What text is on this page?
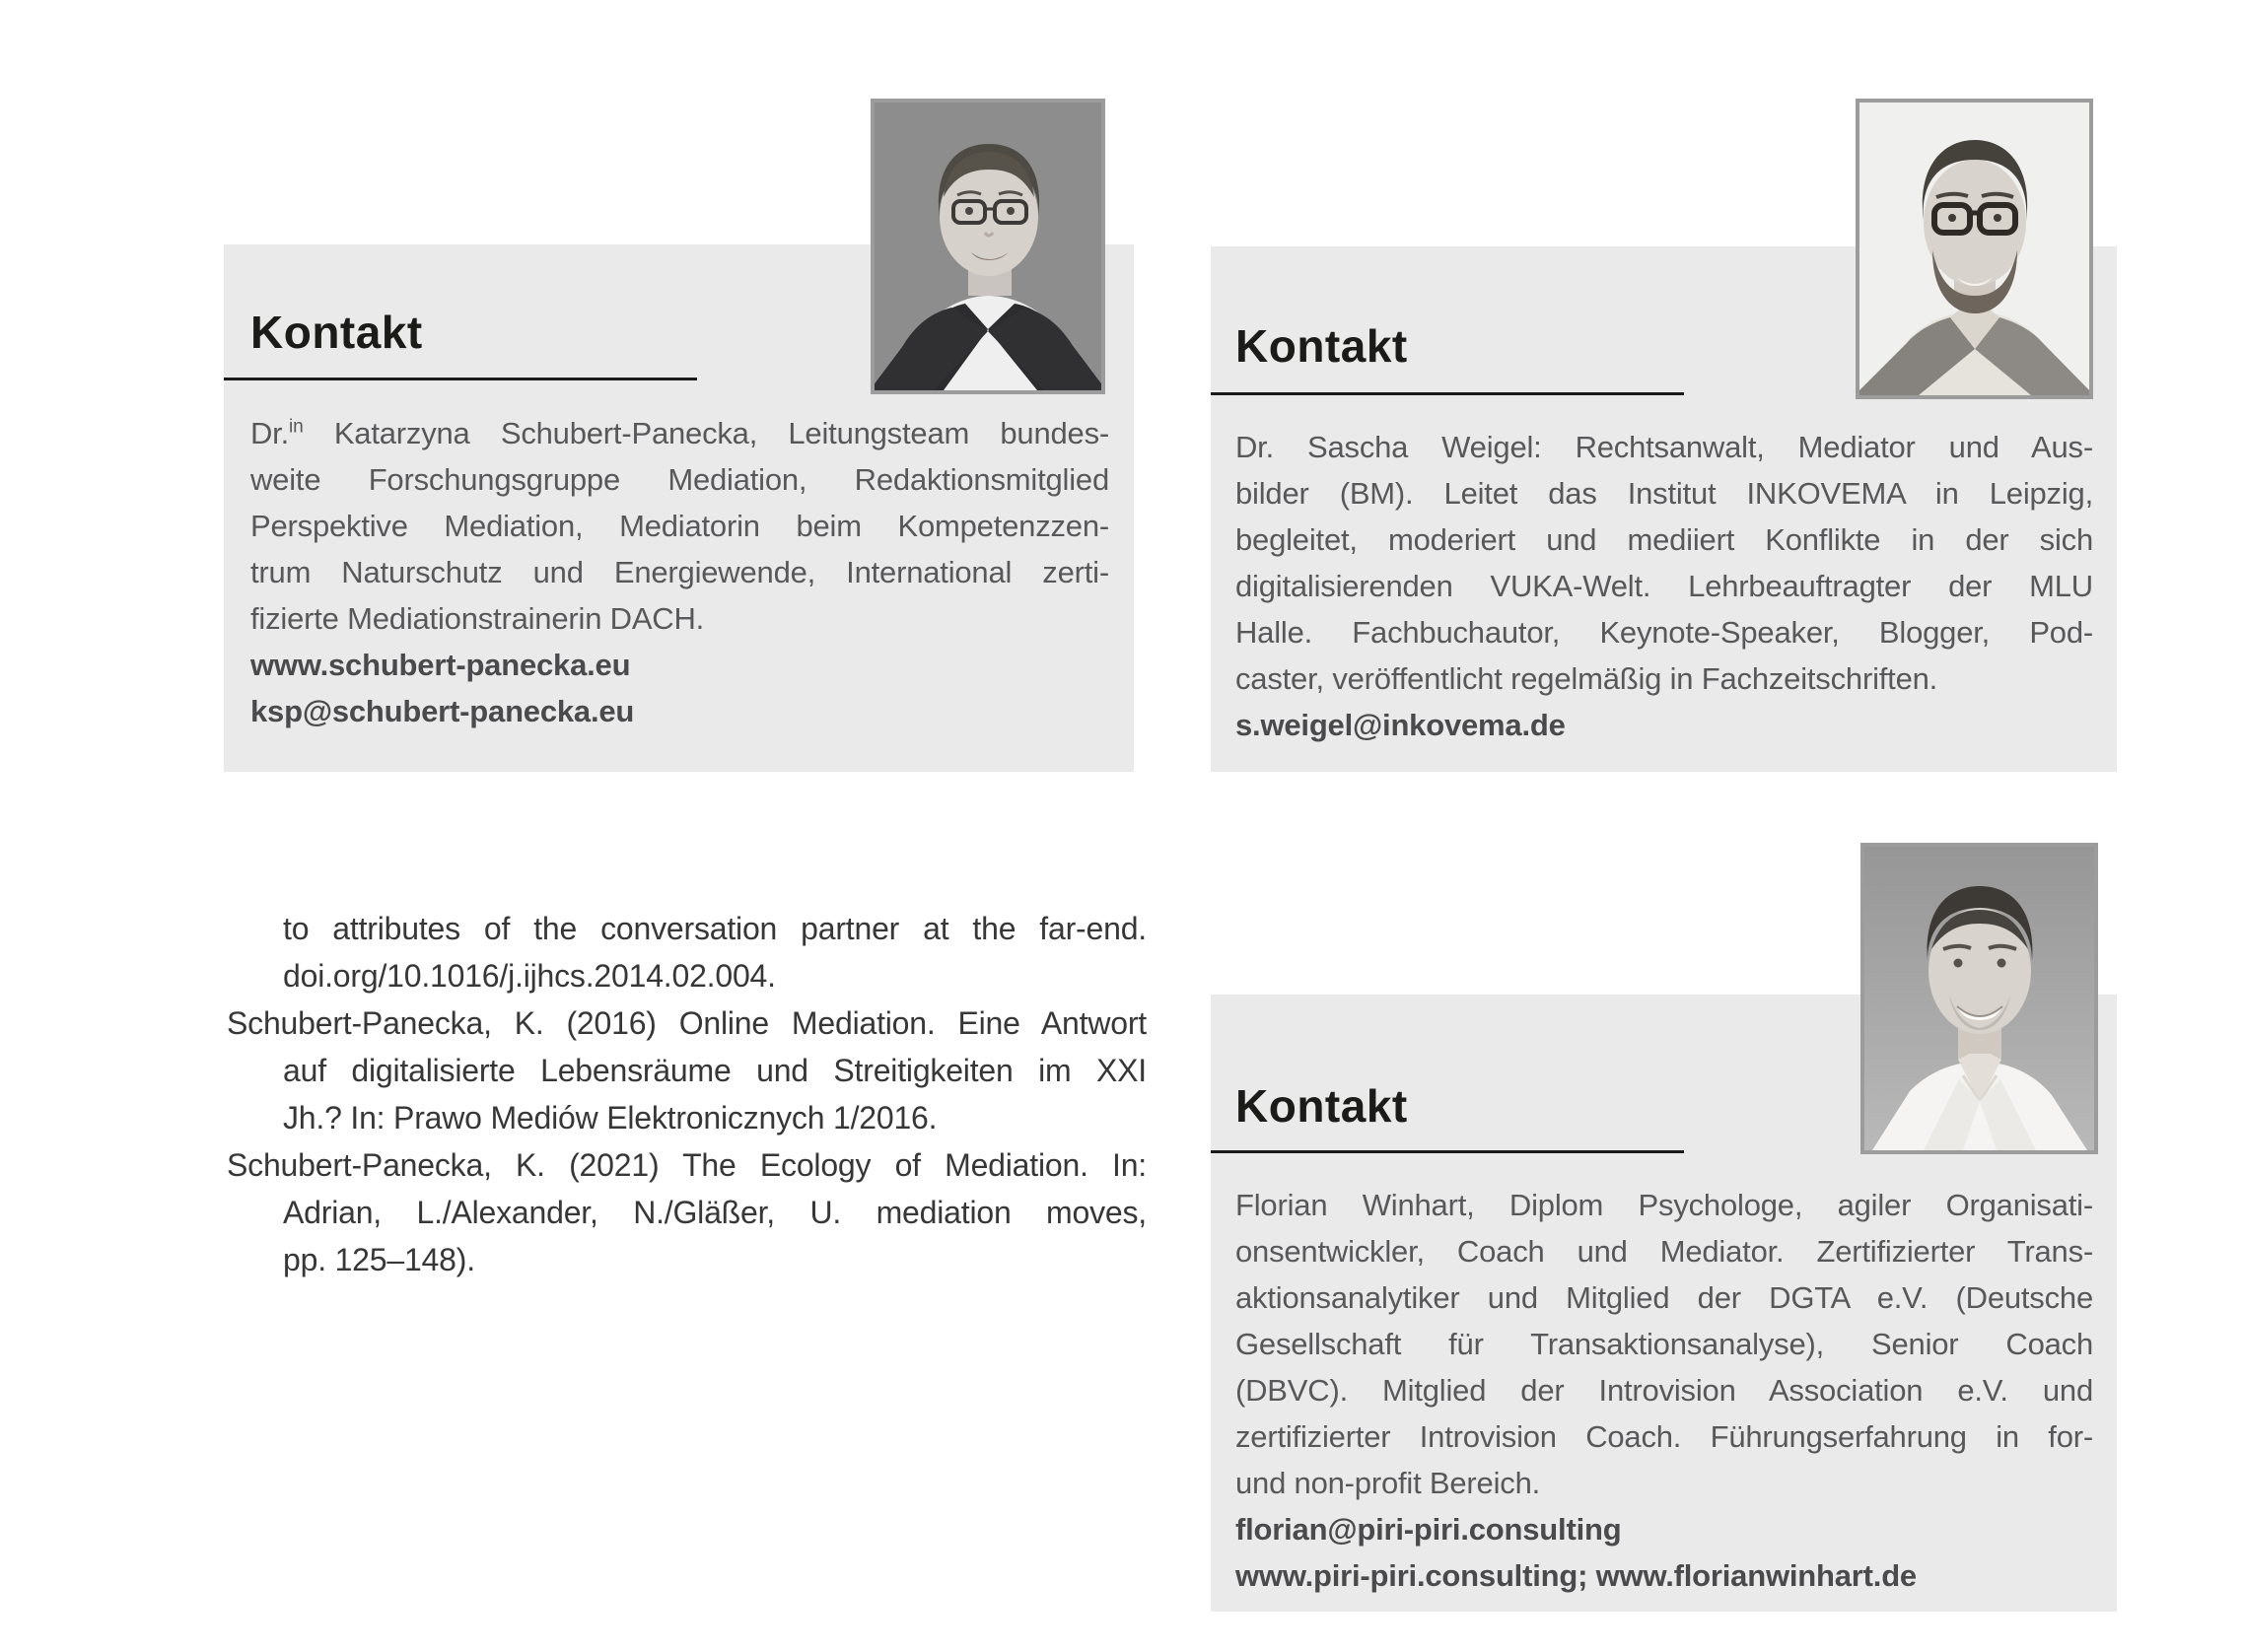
Kontakt
Dr.$^{in}$ Katarzyna Schubert-Panecka, Leitungsteam bundes-
weite Forschungsgruppe Mediation, Redaktionsmitglied
Perspektive Mediation, Mediatorin beim Kompetenzzen-
trum Naturschutz und Energiewende, International zerti-
fizierte Mediationstrainerin DACH.
www.schubert-panecka.eu
ksp@schubert-panecka.eu
Kontakt
Dr. Sascha Weigel: Rechtsanwalt, Mediator und Aus-
bilder (BM). Leitet das Institut INKOVEMA in Leipzig,
begleitet, moderiert und mediiert Konflikte in der sich
digitalisierenden VUKA-Welt. Lehrbeauftragter der MLU
Halle. Fachbuchautor, Keynote-Speaker, Blogger, Pod-
caster, veröffentlicht regelmäßig in Fachzeitschriften.
s.weigel@inkovema.de
Kontakt
Florian Winhart, Diplom Psychologe, agiler Organisati-
onsentwickler, Coach und Mediator. Zertifizierter Trans-
aktionsanalytiker und Mitglied der DGTA e.V. (Deutsche
Gesellschaft für Transaktionsanalyse), Senior Coach
(DBVC). Mitglied der Introvision Association e.V. und
zertifizierter Introvision Coach. Führungserfahrung in for-
und non-profit Bereich.
florian@piri-piri.consulting
www.piri-piri.consulting; www.florianwinhart.de
to attributes of the conversation partner at the far-end.
doi.org/10.1016/j.ijhcs.2014.02.004.
Schubert-Panecka, K. (2016) Online Mediation. Eine Antwort
auf digitalisierte Lebensräume und Streitigkeiten im XXI
Jh.? In: Prawo Mediów Elektronicznych 1/2016.
Schubert-Panecka, K. (2021) The Ecology of Mediation. In:
Adrian, L./Alexander, N./Gläßer, U. mediation moves,
pp. 125–148).
